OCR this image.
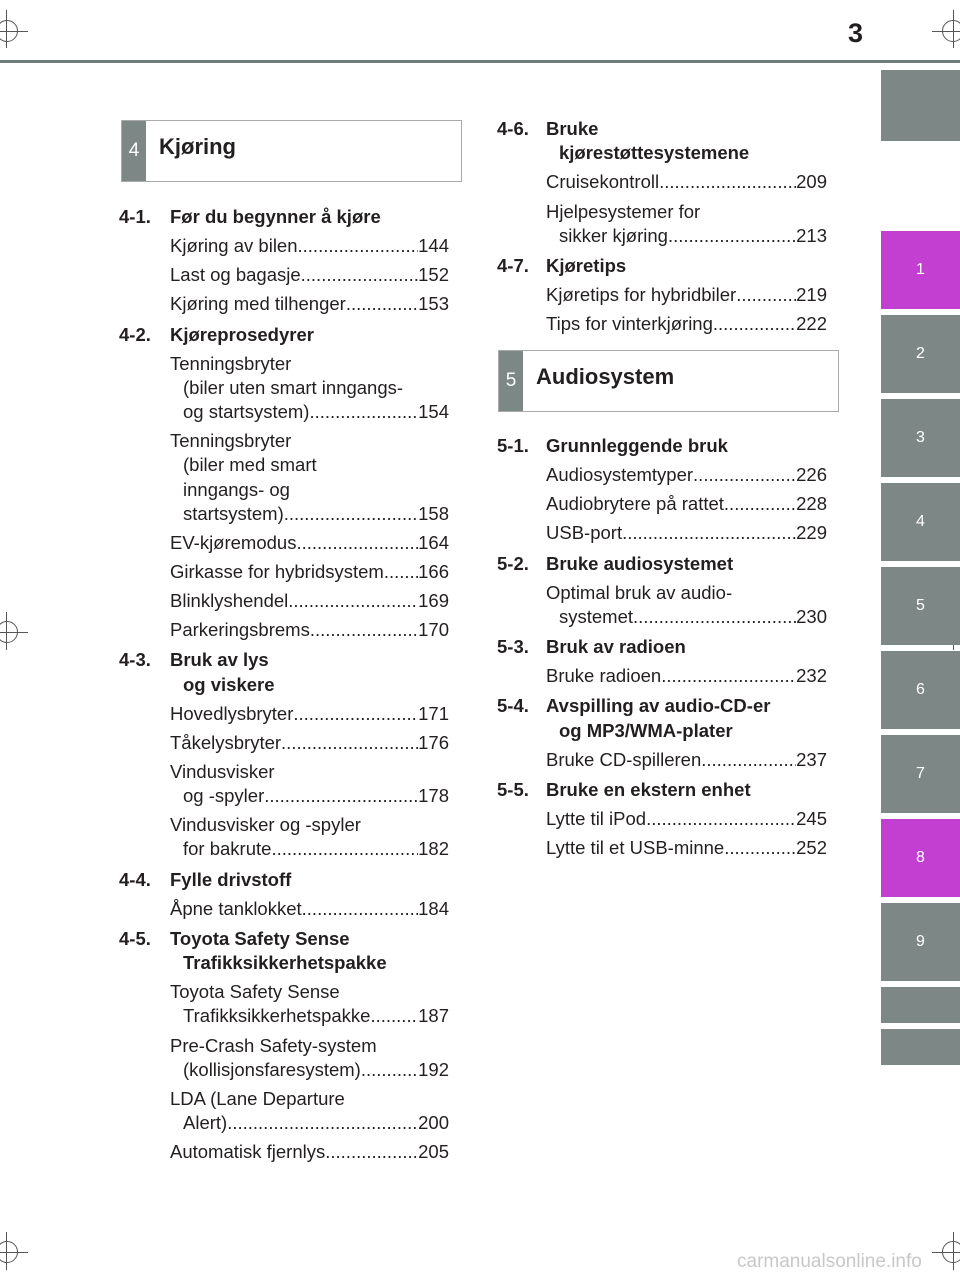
3
1
2
3
4
5
6
7
8
9
4 Kjøring
5 Audiosystem
4-1. Før du begynner å kjøre
Kjøring av bilen .....	144
Last og bagasje .....	152
Kjøring med tilhenger .....	153
4-2. Kjøreprosedyrer
Tenningsbryter
(biler uten smart inngangs-
og startsystem) .....	154
Tenningsbryter
(biler med smart
inngangs- og
startsystem) .....	158
EV-kjøremodus .....	164
Girkasse for hybridsystem ..... 166
Blinklyshendel .....	169
Parkeringsbrems .....	170
4-3. Bruk av lys
og viskere
Hovedlysbryter .....	171
Tåkelysbryter .....	176
Vindusvisker
og -spyler .....	178
Vindusvisker og -spyler
for bakrute .....	182
4-4. Fylle drivstoff
Åpne tanklokket .....	184
4-5. Toyota Safety Sense
Trafikksikkerhetspakke
Toyota Safety Sense
Trafikksikkerhetspakke .....	187
Pre-Crash Safety-system
(kollisjonsfaresystem) .....	192
LDA (Lane Departure
Alert) .....	200
Automatisk fjernlys .....	205
4-6. Bruke
kjørestøttesystemene
Cruisekontroll .....	209
Hjelpesystemer for
sikker kjøring .....	213
4-7. Kjøretips
Kjøretips for hybridbiler .....	219
Tips for vinterkjøring .....	222
5-1. Grunnleggende bruk
Audiosystemtyper .....	226
Audiobrytere på rattet .....	228
USB-port .....	229
5-2. Bruke audiosystemet
Optimal bruk av audio-
systemet .....	230
5-3. Bruk av radioen
Bruke radioen .....	232
5-4. Avspilling av audio-CD-er
og MP3/WMA-plater
Bruke CD-spilleren .....	237
5-5. Bruke en ekstern enhet
Lytte til iPod .....	245
Lytte til et USB-minne .....	252
carmanualsonline.info
